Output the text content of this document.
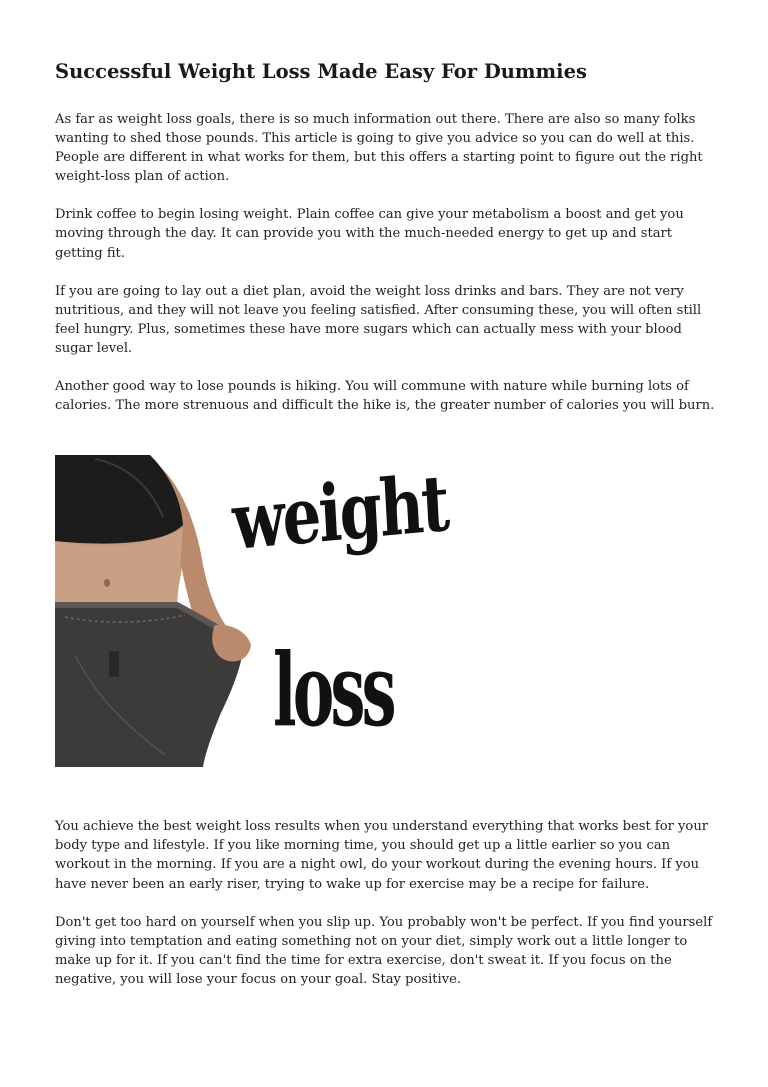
Successful Weight Loss Made Easy For Dummies

As far as weight loss goals, there is so much information out there. There are also so many folks wanting to shed those pounds. This article is going to give you advice so you can do well at this. People are different in what works for them, but this offers a starting point to figure out the right weight-loss plan of action.

Drink coffee to begin losing weight. Plain coffee can give your metabolism a boost and get you moving through the day. It can provide you with the much-needed energy to get up and start getting fit.

If you are going to lay out a diet plan, avoid the weight loss drinks and bars. They are not very nutritious, and they will not leave you feeling satisfied. After consuming these, you will often still feel hungry. Plus, sometimes these have more sugars which can actually mess with your blood sugar level.

Another good way to lose pounds is hiking. You will commune with nature while burning lots of calories. The more strenuous and difficult the hike is, the greater number of calories you will burn.

weight
loss

You achieve the best weight loss results when you understand everything that works best for your body type and lifestyle. If you like morning time, you should get up a little earlier so you can workout in the morning. If you are a night owl, do your workout during the evening hours. If you have never been an early riser, trying to wake up for exercise may be a recipe for failure.

Don't get too hard on yourself when you slip up. You probably won't be perfect. If you find yourself giving into temptation and eating something not on your diet, simply work out a little longer to make up for it. If you can't find the time for extra exercise, don't sweat it. If you focus on the negative, you will lose your focus on your goal. Stay positive.
